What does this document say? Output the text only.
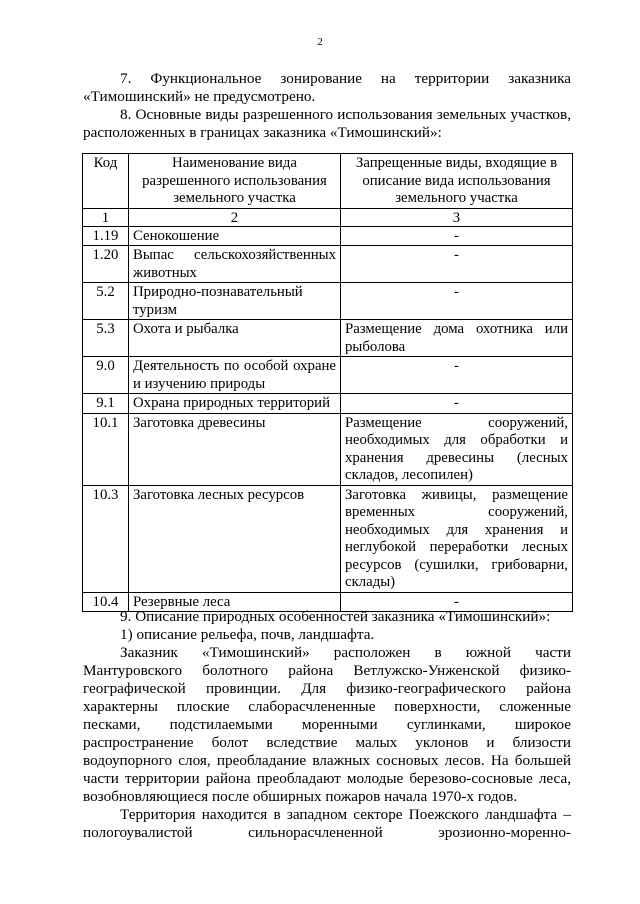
2

7. Функциональное зонирование на территории заказника

«Тимошинский» не предусмотрено.

8. Основные виды разрешенного использования земельных участков,

расположенных в границах заказника «Тимошинский»:

Код	Наименование вида разрешенного использования земельного участка	Запрещенные виды, входящие в описание вида использования земельного участка
1	2	3
1.19	Сенокошение	-
1.20	Выпас сельскохозяйственных животных	-
5.2	Природно-познавательный туризм	-
5.3	Охота и рыбалка	Размещение дома охотника или рыболова
9.0	Деятельность по особой охране и изучению природы	-
9.1	Охрана природных территорий	-
10.1	Заготовка древесины	Размещение сооружений, необходимых для обработки и хранения древесины (лесных складов, лесопилен)
10.3	Заготовка лесных ресурсов	Заготовка живицы, размещение временных сооружений, необходимых для хранения и неглубокой переработки лесных ресурсов (сушилки, грибоварни, склады)
10.4	Резервные леса	-

9. Описание природных особенностей заказника «Тимошинский»:

1) описание рельефа, почв, ландшафта.

Заказник «Тимошинский» расположен в южной части Мантуровского болотного района Ветлужско-Унженской физико-географической провинции. Для физико-географического района характерны плоские слаборасчлененные поверхности, сложенные песками, подстилаемыми моренными суглинками, широкое распространение болот вследствие малых уклонов и близости водоупорного слоя, преобладание влажных сосновых лесов. На большей части территории района преобладают молодые березово-сосновые леса, возобновляющиеся после обширных пожаров начала 1970-х годов.

Территория находится в западном секторе Поежского ландшафта – пологоувалистой сильнорасчлененной эрозионно-моренно-
